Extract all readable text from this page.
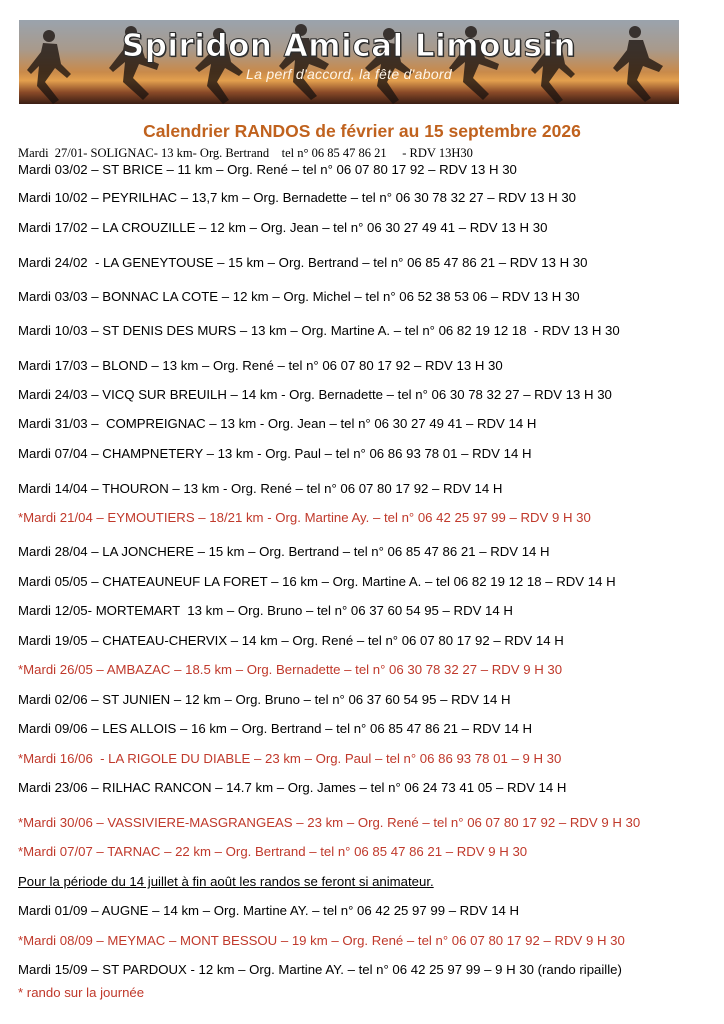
Spiridon Amical Limousin
La perf d'accord, la fête d'abord
Calendrier RANDOS de février au 15 septembre 2026
Mardi  27/01- SOLIGNAC- 13 km- Org. Bertrand    tel n° 06 85 47 86 21     - RDV 13H30
Mardi 03/02 – ST BRICE – 11 km – Org. René – tel n° 06 07 80 17 92 – RDV 13 H 30
Mardi 10/02 – PEYRILHAC – 13,7 km – Org. Bernadette – tel n° 06 30 78 32 27 – RDV 13 H 30
Mardi 17/02 – LA CROUZILLE – 12 km – Org. Jean – tel n° 06 30 27 49 41 – RDV 13 H 30
Mardi 24/02  - LA GENEYTOUSE – 15 km – Org. Bertrand – tel n° 06 85 47 86 21 – RDV 13 H 30
Mardi 03/03 – BONNAC LA COTE – 12 km – Org. Michel – tel n° 06 52 38 53 06 – RDV 13 H 30
Mardi 10/03 – ST DENIS DES MURS – 13 km – Org. Martine A. – tel n° 06 82 19 12 18  - RDV 13 H 30
Mardi 17/03 – BLOND – 13 km – Org. René – tel n° 06 07 80 17 92 – RDV 13 H 30
Mardi 24/03 – VICQ SUR BREUILH – 14 km - Org. Bernadette – tel n° 06 30 78 32 27 – RDV 13 H 30
Mardi 31/03 –  COMPREIGNAC – 13 km - Org. Jean – tel n° 06 30 27 49 41 – RDV 14 H
Mardi 07/04 – CHAMPNETERY – 13 km - Org. Paul – tel n° 06 86 93 78 01 – RDV 14 H
Mardi 14/04 – THOURON – 13 km - Org. René – tel n° 06 07 80 17 92 – RDV 14 H
*Mardi 21/04 – EYMOUTIERS – 18/21 km - Org. Martine Ay. – tel n° 06 42 25 97 99 – RDV 9 H 30
Mardi 28/04 – LA JONCHERE – 15 km – Org. Bertrand – tel n° 06 85 47 86 21 – RDV 14 H
Mardi 05/05 – CHATEAUNEUF LA FORET – 16 km – Org. Martine A. – tel 06 82 19 12 18 – RDV 14 H
Mardi 12/05- MORTEMART  13 km – Org. Bruno – tel n° 06 37 60 54 95 – RDV 14 H
Mardi 19/05 – CHATEAU-CHERVIX – 14 km – Org. René – tel n° 06 07 80 17 92 – RDV 14 H
*Mardi 26/05 – AMBAZAC – 18.5 km – Org. Bernadette – tel n° 06 30 78 32 27 – RDV 9 H 30
Mardi 02/06 – ST JUNIEN – 12 km – Org. Bruno – tel n° 06 37 60 54 95 – RDV 14 H
Mardi 09/06 – LES ALLOIS – 16 km – Org. Bertrand – tel n° 06 85 47 86 21 – RDV 14 H
*Mardi 16/06  - LA RIGOLE DU DIABLE – 23 km – Org. Paul – tel n° 06 86 93 78 01 – 9 H 30
Mardi 23/06 – RILHAC RANCON – 14.7 km – Org. James – tel n° 06 24 73 41 05 – RDV 14 H
*Mardi 30/06 – VASSIVIERE-MASGRANGEAS – 23 km – Org. René – tel n° 06 07 80 17 92 – RDV 9 H 30
*Mardi 07/07 – TARNAC – 22 km – Org. Bertrand – tel n° 06 85 47 86 21 – RDV 9 H 30
Pour la période du 14 juillet à fin août les randos se feront si animateur.
Mardi 01/09 – AUGNE – 14 km – Org. Martine AY. – tel n° 06 42 25 97 99 – RDV 14 H
*Mardi 08/09 – MEYMAC – MONT BESSOU – 19 km – Org. René – tel n° 06 07 80 17 92 – RDV 9 H 30
Mardi 15/09 – ST PARDOUX - 12 km – Org. Martine AY. – tel n° 06 42 25 97 99 – 9 H 30 (rando ripaille)
* rando sur la journée
